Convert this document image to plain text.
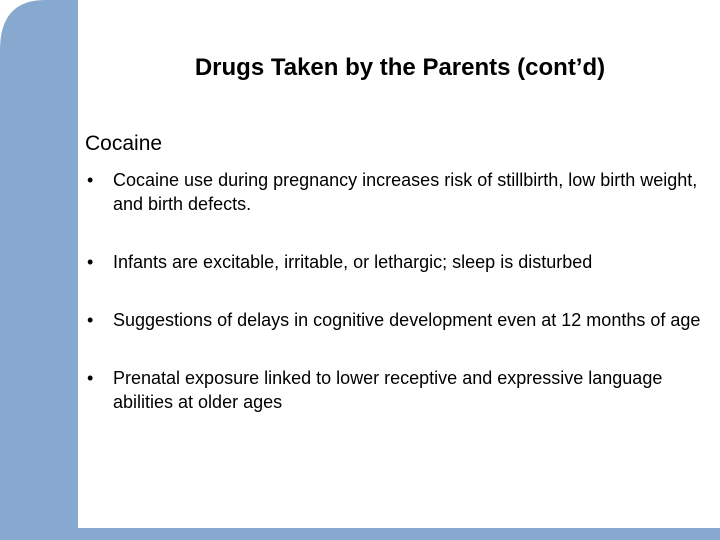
Drugs Taken by the Parents (cont’d)

Cocaine

• Cocaine use during pregnancy increases risk of stillbirth, low birth weight, and birth defects.
• Infants are excitable, irritable, or lethargic; sleep is disturbed
• Suggestions of delays in cognitive development even at 12 months of age
• Prenatal exposure linked to lower receptive and expressive language abilities at older ages
